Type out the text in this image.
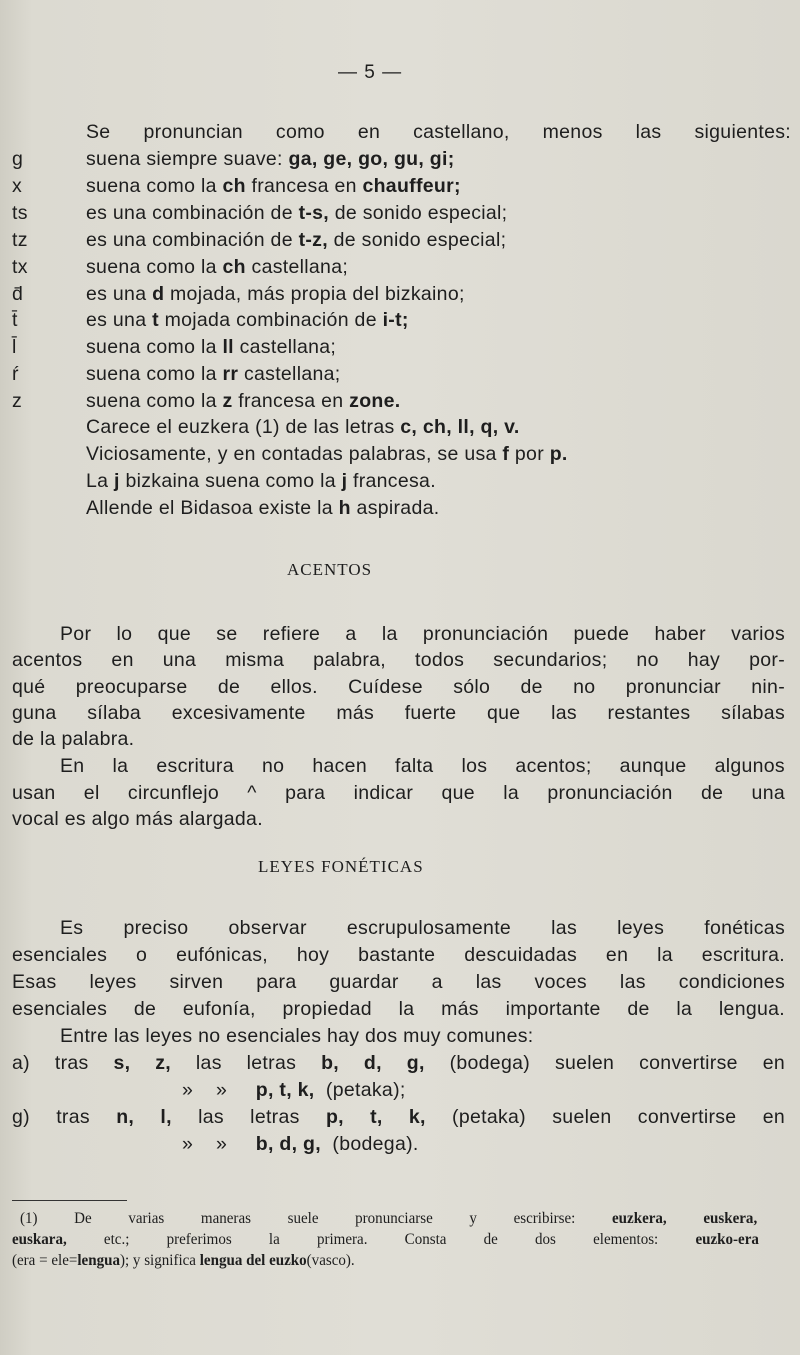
— 5 —
Se pronuncian como en castellano, menos las siguientes:
g	suena siempre suave: ga, ge, go, gu, gi;
x	suena como la ch francesa en chauffeur;
ts	es una combinación de t-s, de sonido especial;
tz	es una combinación de t-z, de sonido especial;
tx	suena como la ch castellana;
d̄	es una d mojada, más propia del bizkaino;
t̄	es una t mojada combinación de i-t;
l̄	suena como la ll castellana;
ŕ	suena como la rr castellana;
z	suena como la z francesa en zone.
Carece el euzkera (1) de las letras c, ch, ll, q, v.
Viciosamente, y en contadas palabras, se usa f por p.
La j bizkaina suena como la j francesa.
Allende el Bidasoa existe la h aspirada.
Por lo que se refiere a la pronunciación puede haber varios
acentos en una misma palabra, todos secundarios; no hay por-
qué preocuparse de ellos. Cuídese sólo de no pronunciar nin-
guna sílaba excesivamente más fuerte que las restantes sílabas
de la palabra.
En la escritura no hacen falta los acentos; aunque algunos
usan el circunflejo ^ para indicar que la pronunciación de una
vocal es algo más alargada.
Es preciso observar escrupulosamente las leyes fonéticas
esenciales o eufónicas, hoy bastante descuidadas en la escritura.
Esas leyes sirven para guardar a las voces las condiciones
esenciales de eufonía, propiedad la más importante de la lengua.
Entre las leyes no esenciales hay dos muy comunes:
a) tras s, z, las letras b, d, g, (bodega) suelen convertirse en
»    »     p, t, k,  (petaka);
g) tras n, l, las letras p, t, k, (petaka) suelen convertirse en
»    »     b, d, g,  (bodega).
(1) De varias maneras suele pronunciarse y escribirse: euzkera, euskera,
euskara, etc.; preferimos la primera. Consta de dos elementos: euzko-era
(era = ele=lengua); y significa lengua del euzko(vasco).
ACENTOS
LEYES FONÉTICAS
